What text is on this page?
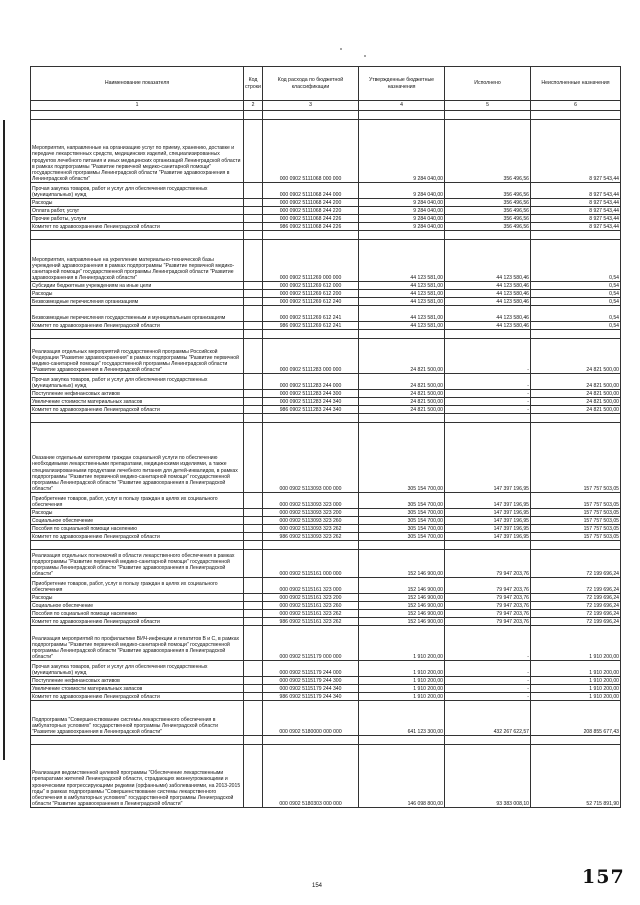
Наименование показателя	Код строки	Код расхода по бюджетной классификации	Утвержденные бюджетные назначения	Исполнено	Неисполненные назначения
1	2	3	4	5	6

Мероприятия, направленные на организацию услуг по приему, хранению, доставке и передаче лекарственных средств, медицинских изделий, специализированных продуктов лечебного питания и иных медицинских организаций Ленинградской области в рамках подпрограммы "Развитие первичной медико-санитарной помощи" государственной программы Ленинградской области "Развитие здравоохранения в Ленинградской области"		000 0902 5111068 000 000	9 284 040,00	356 496,56	8 927 543,44
Прочая закупка товаров, работ и услуг для обеспечения государственных (муниципальных) нужд		000 0902 5111068 244 000	9 284 040,00	356 496,56	8 927 543,44
Расходы		000 0902 5111068 244 200	9 284 040,00	356 496,56	8 927 543,44
Оплата работ, услуг		000 0902 5111068 244 220	9 284 040,00	356 496,56	8 927 543,44
Прочие работы, услуги		000 0902 5111068 244 226	9 284 040,00	356 496,56	8 927 543,44
Комитет по здравоохранению Ленинградской области		986 0902 5111068 244 226	9 284 040,00	356 496,56	8 927 543,44

Мероприятия, направленные на укрепление материально-технической базы учреждений здравоохранения в рамках подпрограммы "Развитие первичной медико-санитарной помощи" государственной программы Ленинградской области "Развитие здравоохранения в Ленинградской области"		000 0902 5111269 000 000	44 123 581,00	44 123 580,46	0,54
Субсидии бюджетным учреждениям на иные цели		000 0902 5111269 612 000	44 123 581,00	44 123 580,46	0,54
Расходы		000 0902 5111269 612 200	44 123 581,00	44 123 580,46	0,54
Безвозмездные перечисления организациям		000 0902 5111269 612 240	44 123 581,00	44 123 580,46	0,54
Безвозмездные перечисления государственным и муниципальным организациям		000 0902 5111269 612 241	44 123 581,00	44 123 580,46	0,54
Комитет по здравоохранению Ленинградской области		986 0902 5111269 612 241	44 123 581,00	44 123 580,46	0,54

Реализация отдельных мероприятий государственной программы Российской Федерации "Развитие здравоохранения" в рамках подпрограммы "Развитие первичной медико-санитарной помощи" государственной программы Ленинградской области "Развитие здравоохранения в Ленинградской области"		000 0902 5111283 000 000	24 821 500,00	-	24 821 500,00
Прочая закупка товаров, работ и услуг для обеспечения государственных (муниципальных) нужд		000 0902 5111283 244 000	24 821 500,00	-	24 821 500,00
Поступление нефинансовых активов		000 0902 5111283 244 300	24 821 500,00	-	24 821 500,00
Увеличение стоимости материальных запасов		000 0902 5111283 244 340	24 821 500,00	-	24 821 500,00
Комитет по здравоохранению Ленинградской области		986 0902 5111283 244 340	24 821 500,00	-	24 821 500,00

Оказание отдельным категориям граждан социальной услуги по обеспечению необходимыми лекарственными препаратами, медицинскими изделиями, а также специализированными продуктами лечебного питания для детей-инвалидов, в рамках подпрограммы "Развитие первичной медико-санитарной помощи" государственной программы Ленинградской области "Развитие здравоохранения в Ленинградской области"		000 0902 5113093 000 000	305 154 700,00	147 397 196,95	157 757 503,05
Приобретение товаров, работ, услуг в пользу граждан в целях их социального обеспечения		000 0902 5113093 323 000	305 154 700,00	147 397 196,95	157 757 503,05
Расходы		000 0902 5113093 323 200	305 154 700,00	147 397 196,95	157 757 503,05
Социальное обеспечение		000 0902 5113093 323 260	305 154 700,00	147 397 196,95	157 757 503,05
Пособия по социальной помощи населению		000 0902 5113093 323 262	305 154 700,00	147 397 196,95	157 757 503,05
Комитет по здравоохранению Ленинградской области		986 0902 5113093 323 262	305 154 700,00	147 397 196,95	157 757 503,05

Реализация отдельных полномочий в области лекарственного обеспечения в рамках подпрограммы "Развитие первичной медико-санитарной помощи" государственной программы Ленинградской области "Развитие здравоохранения в Ленинградской области"		000 0902 5115161 000 000	152 146 900,00	79 947 203,76	72 199 696,24
Приобретение товаров, работ, услуг в пользу граждан в целях их социального обеспечения		000 0902 5115161 323 000	152 146 900,00	79 947 203,76	72 199 696,24
Расходы		000 0902 5115161 323 200	152 146 900,00	79 947 203,76	72 199 696,24
Социальное обеспечение		000 0902 5115161 323 260	152 146 900,00	79 947 203,76	72 199 696,24
Пособия по социальной помощи населению		000 0902 5115161 323 262	152 146 900,00	79 947 203,76	72 199 696,24
Комитет по здравоохранению Ленинградской области		986 0902 5115161 323 262	152 146 900,00	79 947 203,76	72 199 696,24
Реализация мероприятий по профилактике ВИЧ-инфекции и гепатитов В и С, в рамках подпрограммы "Развитие первичной медико-санитарной помощи" государственной программы Ленинградской области "Развитие здравоохранения в Ленинградской области"		000 0902 5115179 000 000	1 910 200,00	-	1 910 200,00
Прочая закупка товаров, работ и услуг для обеспечения государственных (муниципальных) нужд		000 0902 5115179 244 000	1 910 200,00	-	1 910 200,00
Поступление нефинансовых активов		000 0902 5115179 244 300	1 910 200,00	-	1 910 200,00
Увеличение стоимости материальных запасов		000 0902 5115179 244 340	1 910 200,00	-	1 910 200,00
Комитет по здравоохранению Ленинградской области		986 0902 5115179 244 340	1 910 200,00	-	1 910 200,00
Подпрограмма "Совершенствование системы лекарственного обеспечения в амбулаторных условиях" государственной программы Ленинградской области "Развитие здравоохранения в Ленинградской области"		000 0902 5180000 000 000	641 123 300,00	432 267 622,57	208 855 677,43

Реализация ведомственной целевой программы "Обеспечение лекарственными препаратами жителей Ленинградской области, страдающих жизнеугрожающими и хроническими прогрессирующими редкими (орфанными) заболеваниями, на 2013-2015 годы" в рамках подпрограммы "Совершенствование системы лекарственного обеспечения в амбулаторных условиях" государственной программы Ленинградской области "Развитие здравоохранения в Ленинградской области"		000 0902 5180303 000 000	146 098 800,00	93 383 008,10	52 715 891,90
154	157
